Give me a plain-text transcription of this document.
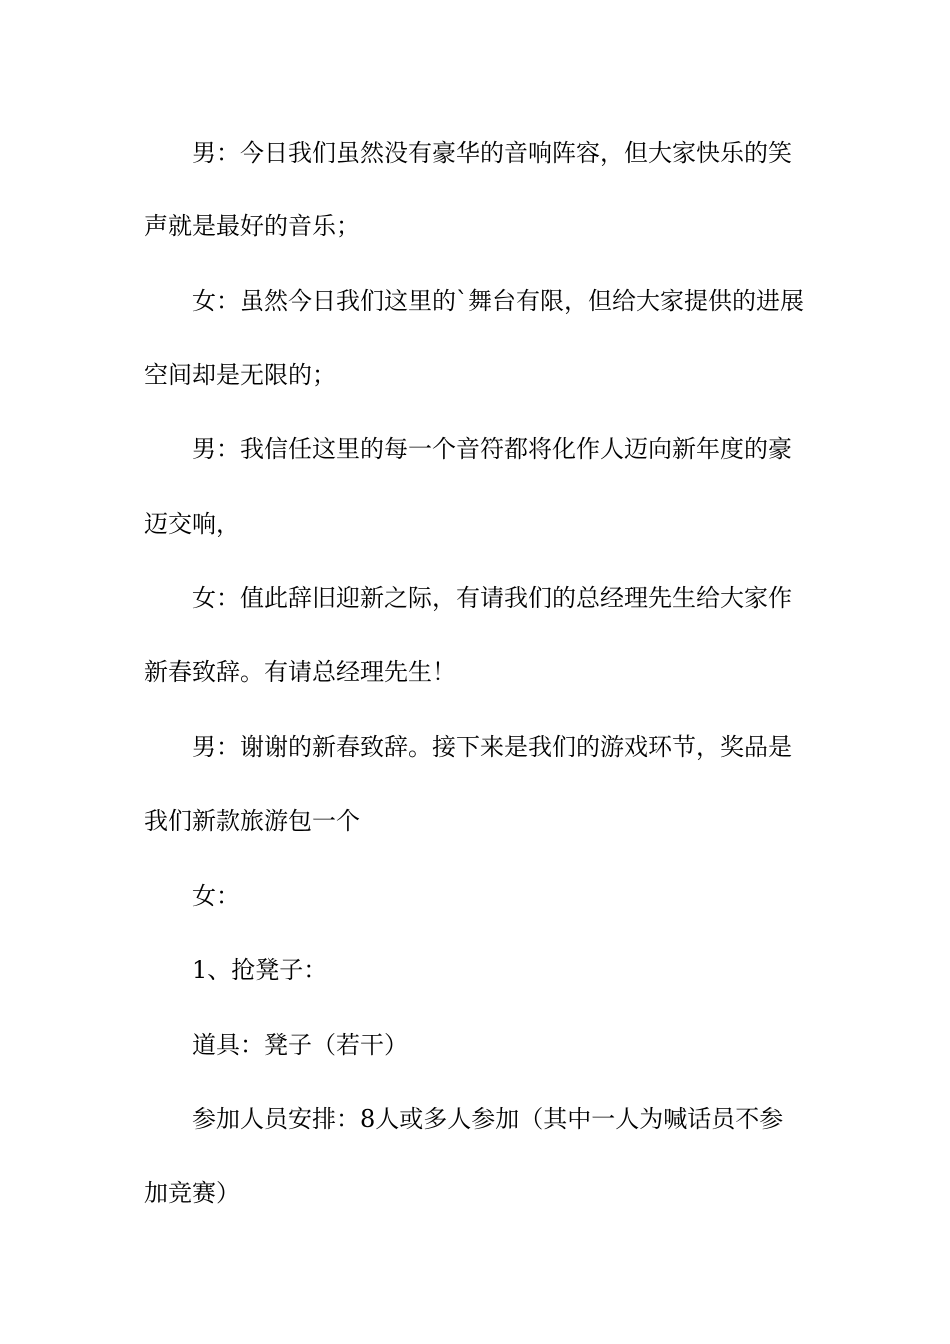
男：今日我们虽然没有豪华的音响阵容，但大家快乐的笑
声就是最好的音乐；
女：虽然今日我们这里的`舞台有限，但给大家提供的进展
空间却是无限的；
男：我信任这里的每一个音符都将化作人迈向新年度的豪
迈交响，
女：值此辞旧迎新之际，有请我们的总经理先生给大家作
新春致辞。有请总经理先生！
男：谢谢的新春致辞。接下来是我们的游戏环节，奖品是
我们新款旅游包一个
女：
1、抢凳子：
道具：凳子（若干）
参加人员安排：8人或多人参加（其中一人为喊话员不参
加竞赛）
